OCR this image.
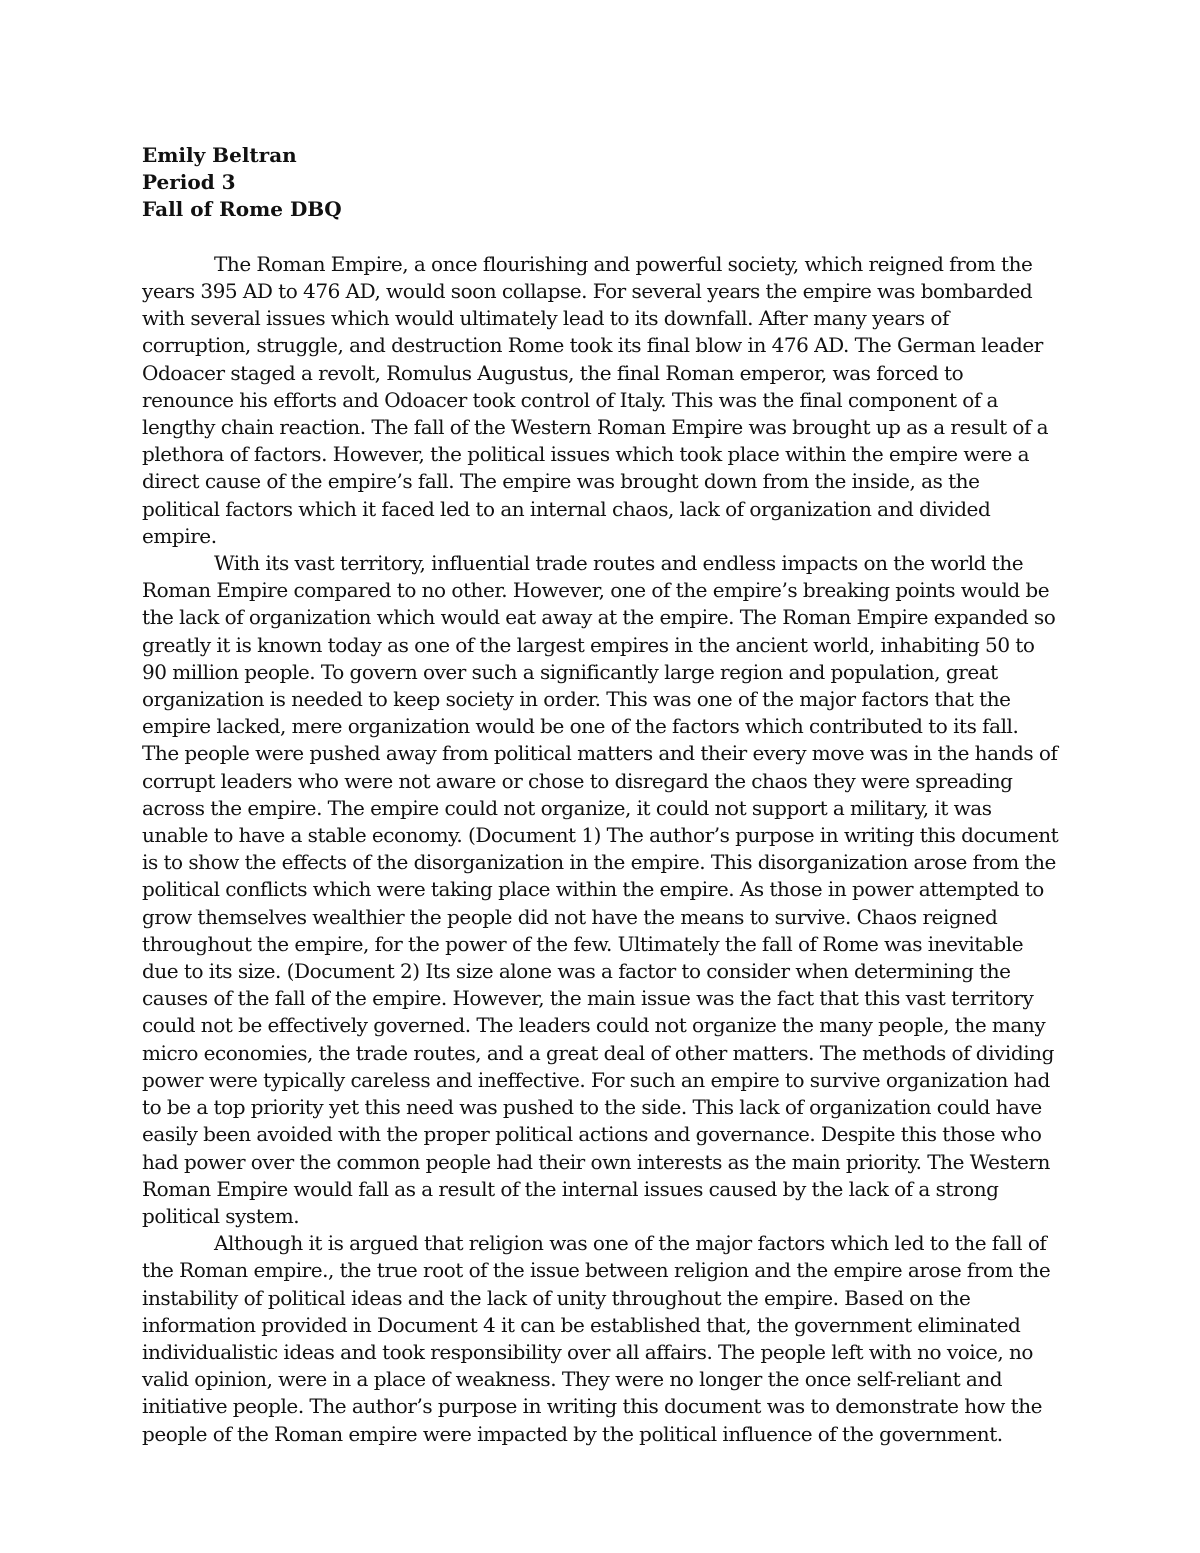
Emily Beltran
Period 3
Fall of Rome DBQ

The Roman Empire, a once flourishing and powerful society, which reigned from the years 395 AD to 476 AD, would soon collapse. For several years the empire was bombarded with several issues which would ultimately lead to its downfall. After many years of corruption, struggle, and destruction Rome took its final blow in 476 AD. The German leader Odoacer staged a revolt, Romulus Augustus, the final Roman emperor, was forced to renounce his efforts and Odoacer took control of Italy. This was the final component of a lengthy chain reaction. The fall of the Western Roman Empire was brought up as a result of a plethora of factors. However, the political issues which took place within the empire were a direct cause of the empire’s fall. The empire was brought down from the inside, as the political factors which it faced led to an internal chaos, lack of organization and divided empire.

With its vast territory, influential trade routes and endless impacts on the world the Roman Empire compared to no other. However, one of the empire’s breaking points would be the lack of organization which would eat away at the empire. The Roman Empire expanded so greatly it is known today as one of the largest empires in the ancient world, inhabiting 50 to 90 million people. To govern over such a significantly large region and population, great organization is needed to keep society in order. This was one of the major factors that the empire lacked, mere organization would be one of the factors which contributed to its fall. The people were pushed away from political matters and their every move was in the hands of corrupt leaders who were not aware or chose to disregard the chaos they were spreading across the empire. The empire could not organize, it could not support a military, it was unable to have a stable economy. (Document 1) The author’s purpose in writing this document is to show the effects of the disorganization in the empire. This disorganization arose from the political conflicts which were taking place within the empire. As those in power attempted to grow themselves wealthier the people did not have the means to survive. Chaos reigned throughout the empire, for the power of the few. Ultimately the fall of Rome was inevitable due to its size. (Document 2) Its size alone was a factor to consider when determining the causes of the fall of the empire. However, the main issue was the fact that this vast territory could not be effectively governed. The leaders could not organize the many people, the many micro economies, the trade routes, and a great deal of other matters. The methods of dividing power were typically careless and ineffective. For such an empire to survive organization had to be a top priority yet this need was pushed to the side. This lack of organization could have easily been avoided with the proper political actions and governance. Despite this those who had power over the common people had their own interests as the main priority. The Western Roman Empire would fall as a result of the internal issues caused by the lack of a strong political system.

Although it is argued that religion was one of the major factors which led to the fall of the Roman empire., the true root of the issue between religion and the empire arose from the instability of political ideas and the lack of unity throughout the empire. Based on the information provided in Document 4 it can be established that, the government eliminated individualistic ideas and took responsibility over all affairs. The people left with no voice, no valid opinion, were in a place of weakness. They were no longer the once self-reliant and initiative people. The author’s purpose in writing this document was to demonstrate how the people of the Roman empire were impacted by the political influence of the government.
